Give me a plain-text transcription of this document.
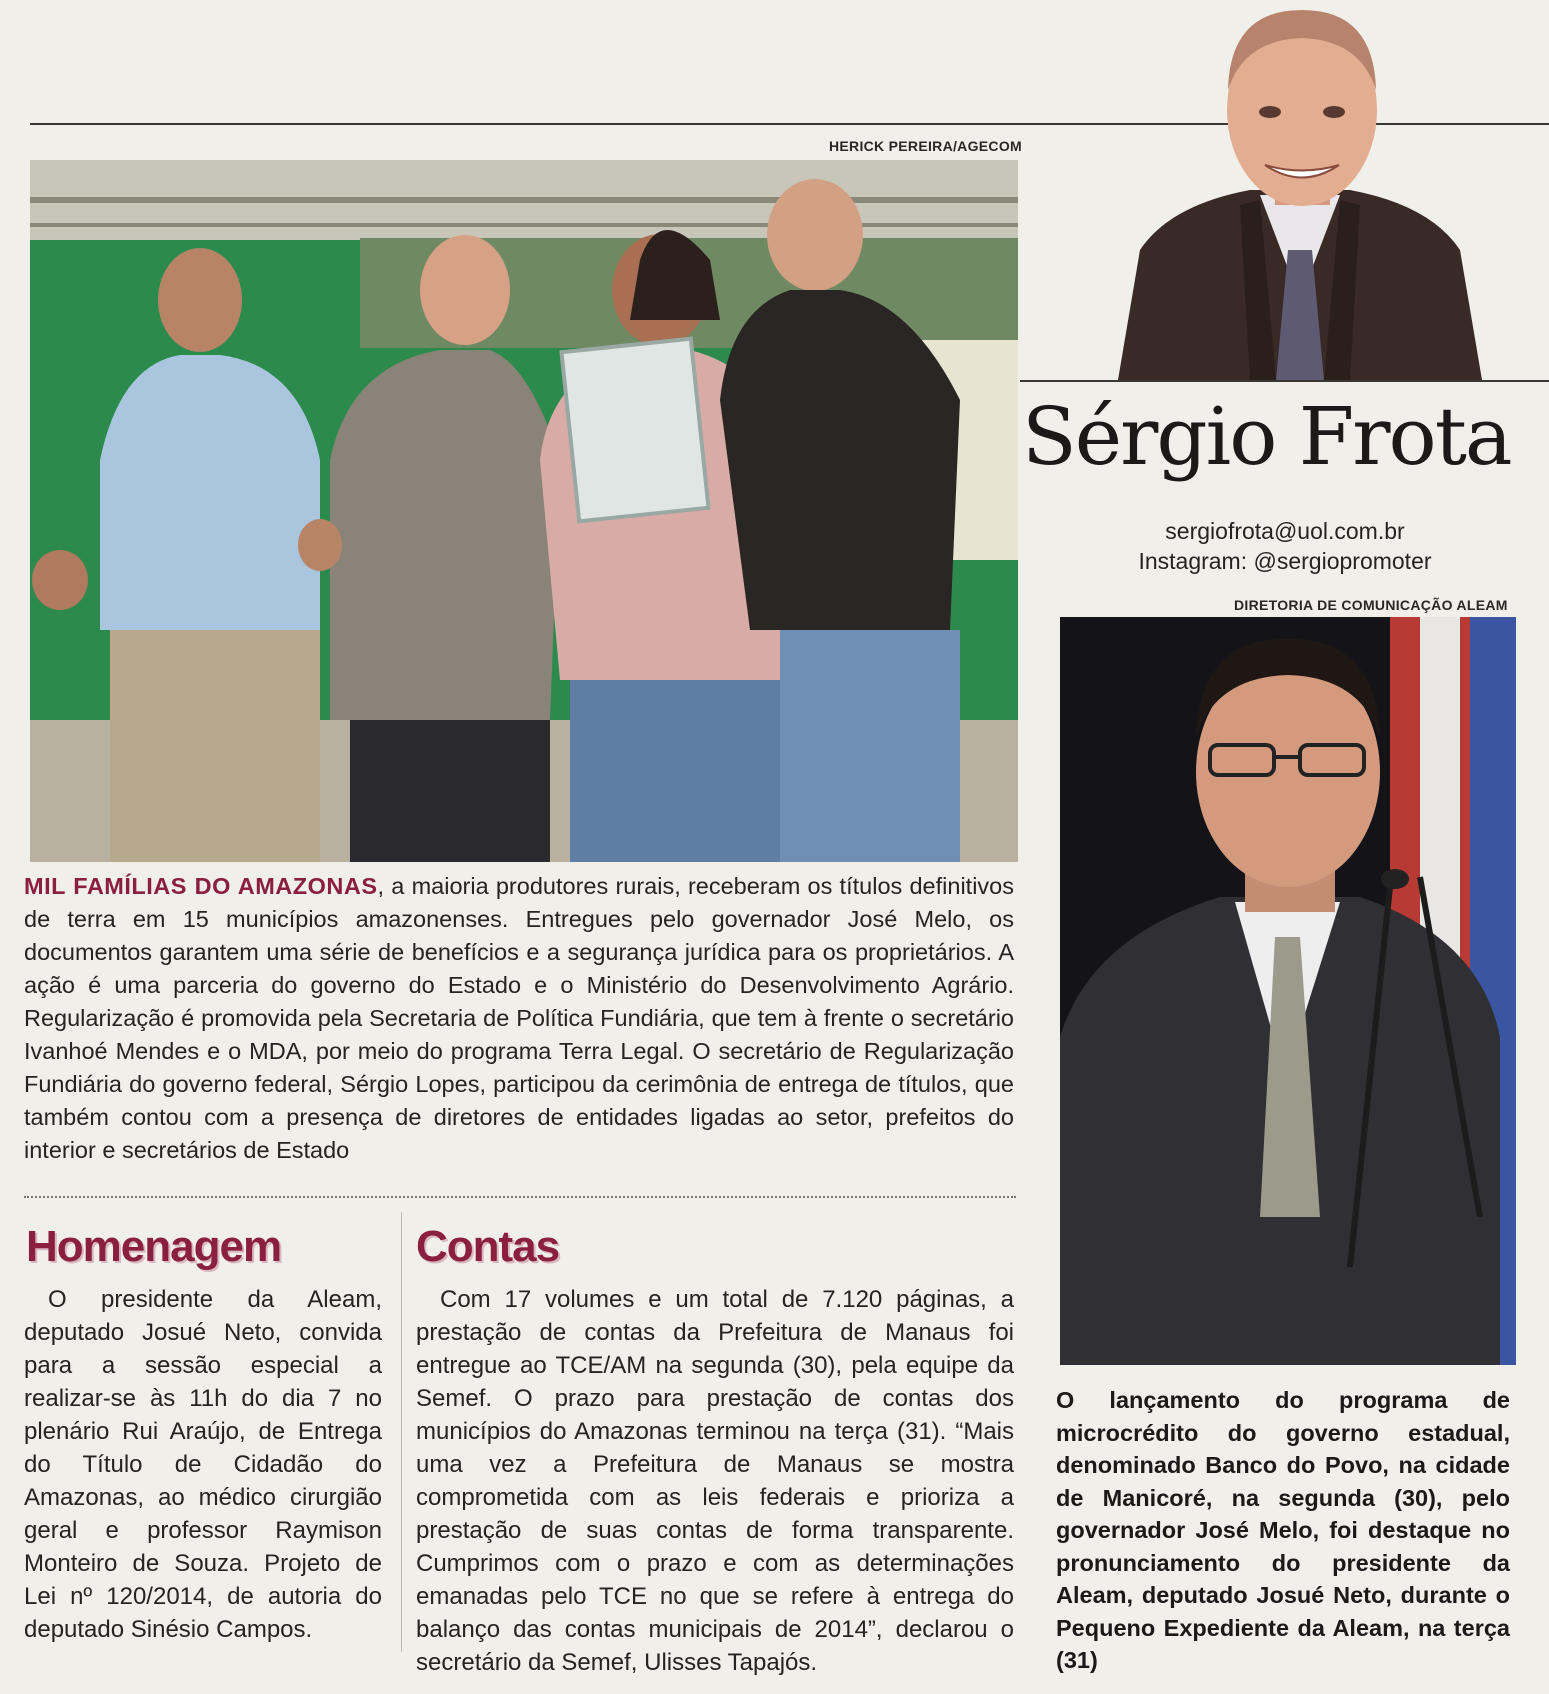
Sérgio Frota
sergiofrota@uol.com.br
Instagram: @sergiopromoter
HERICK PEREIRA/AGECOM
MIL FAMÍLIAS DO AMAZONAS, a maioria produtores rurais, receberam os títulos definitivos de terra em 15 municípios amazonenses. Entregues pelo governador José Melo, os documentos garantem uma série de benefícios e a segurança jurídica para os proprietários. A ação é uma parceria do governo do Estado e o Ministério do Desenvolvimento Agrário. Regularização é promovida pela Secretaria de Política Fundiária, que tem à frente o secretário Ivanhoé Mendes e o MDA, por meio do programa Terra Legal. O secretário de Regularização Fundiária do governo federal, Sérgio Lopes, participou da cerimônia de entrega de títulos, que também contou com a presença de diretores de entidades ligadas ao setor, prefeitos do interior e secretários de Estado
Homenagem

O presidente da Aleam, deputado Josué Neto, convida para a sessão especial a realizar-se às 11h do dia 7 no plenário Rui Araújo, de Entrega do Título de Cidadão do Amazonas, ao médico cirurgião geral e professor Raymison Monteiro de Souza. Projeto de Lei nº 120/2014, de autoria do deputado Sinésio Campos.

Contas

Com 17 volumes e um total de 7.120 páginas, a prestação de contas da Prefeitura de Manaus foi entregue ao TCE/AM na segunda (30), pela equipe da Semef. O prazo para prestação de contas dos municípios do Amazonas terminou na terça (31). “Mais uma vez a Prefeitura de Manaus se mostra comprometida com as leis federais e prioriza a prestação de suas contas de forma transparente. Cumprimos com o prazo e com as determinações emanadas pelo TCE no que se refere à entrega do balanço das contas municipais de 2014”, declarou o secretário da Semef, Ulisses Tapajós.

DIRETORIA DE COMUNICAÇÃO ALEAM
O lançamento do programa de microcrédito do governo estadual, denominado Banco do Povo, na cidade de Manicoré, na segunda (30), pelo governador José Melo, foi destaque no pronunciamento do presidente da Aleam, deputado Josué Neto, durante o Pequeno Expediente da Aleam, na terça (31)
